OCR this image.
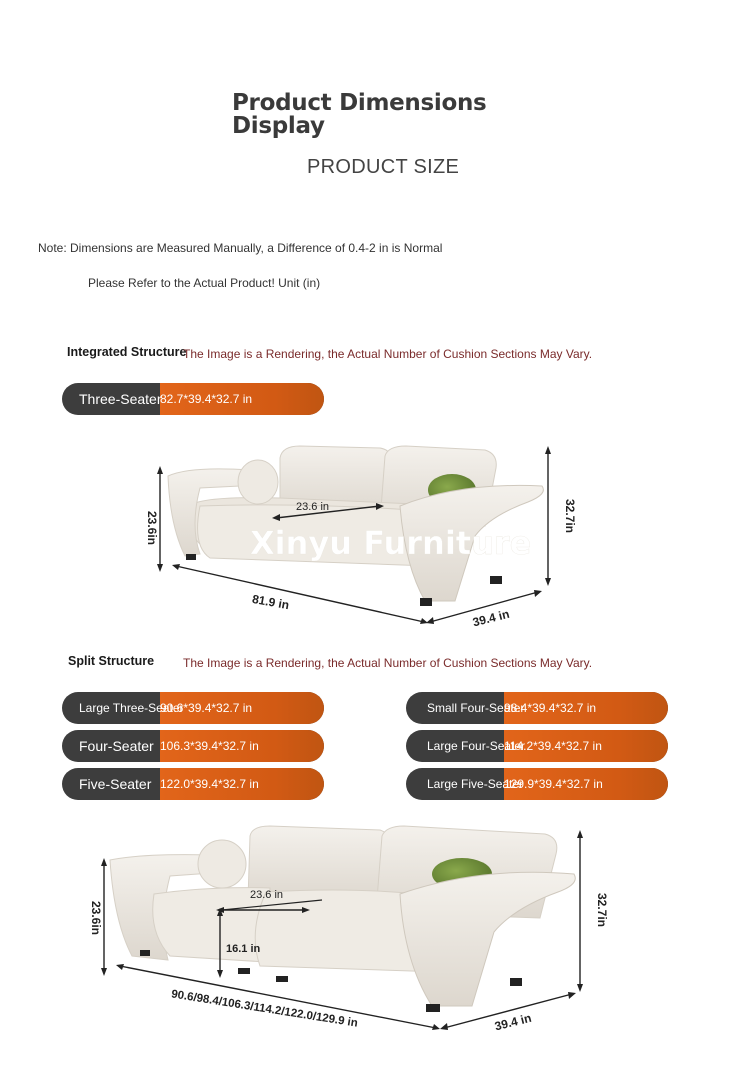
Product Dimensions
Display
PRODUCT SIZE
Note: Dimensions are Measured Manually, a Difference of 0.4-2 in is Normal
Please Refer to the Actual Product! Unit (in)
Integrated Structure
The Image is a Rendering, the Actual Number of Cushion Sections May Vary.
Three-Seater
82.7*39.4*32.7 in
23.6in	32.7in
81.9 in
39.4 in
23.6 in
Xinyu Furniture
Split Structure The Image is a Rendering, the Actual Number of Cushion Sections May Vary.
Large Three-Seater
90.6*39.4*32.7 in
Four-Seater 106.3*39.4*32.7 in
Five-Seater 122.0*39.4*32.7 in
Small Four-Seater
98.4*39.4*32.7 in
Large Four-Seater
114.2*39.4*32.7 in
Large Five-Seater
129.9*39.4*32.7 in
23.6in	32.7in
23.6 in
16.1 in
90.6/98.4/106.3/114.2/122.0/129.9 in	39.4 in
